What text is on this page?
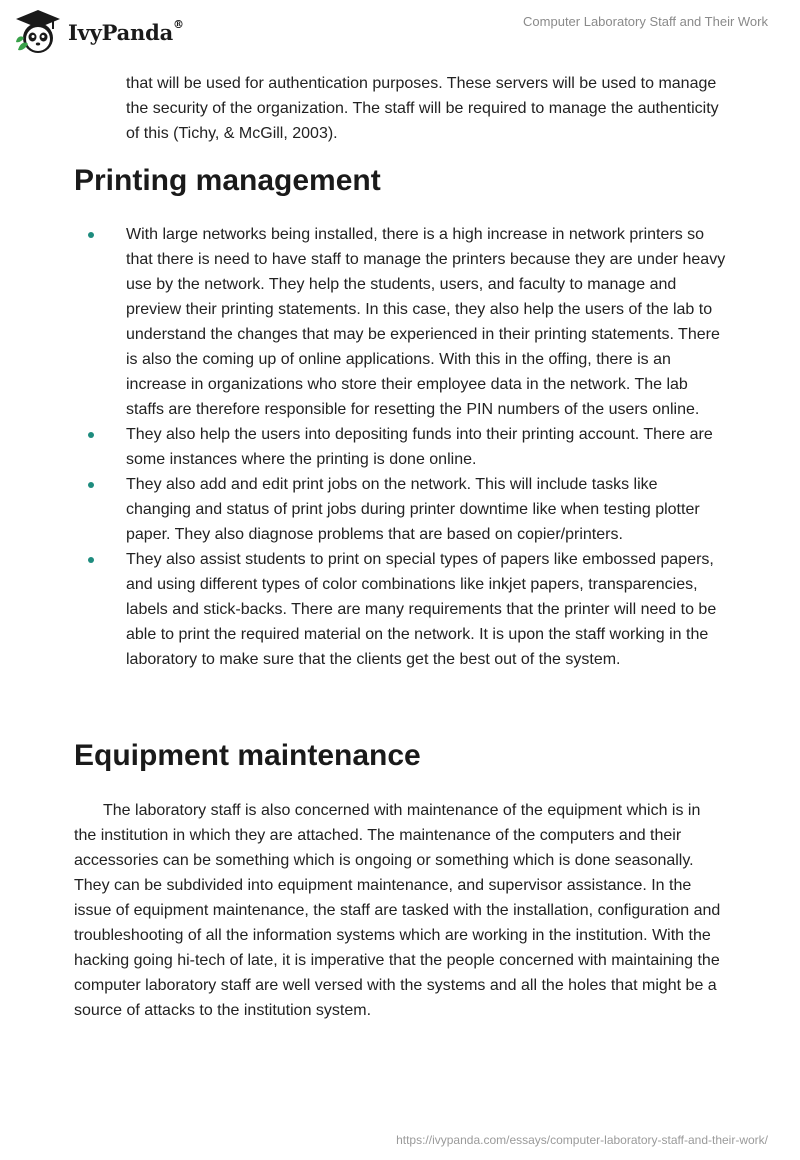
IvyPanda®	Computer Laboratory Staff and Their Work

that will be used for authentication purposes. These servers will be used to manage the security of the organization. The staff will be required to manage the authenticity of this (Tichy, & McGill, 2003).

Printing management
With large networks being installed, there is a high increase in network printers so that there is need to have staff to manage the printers because they are under heavy use by the network. They help the students, users, and faculty to manage and preview their printing statements. In this case, they also help the users of the lab to understand the changes that may be experienced in their printing statements. There is also the coming up of online applications. With this in the offing, there is an increase in organizations who store their employee data in the network. The lab staffs are therefore responsible for resetting the PIN numbers of the users online.
They also help the users into depositing funds into their printing account. There are some instances where the printing is done online.
They also add and edit print jobs on the network. This will include tasks like changing and status of print jobs during printer downtime like when testing plotter paper. They also diagnose problems that are based on copier/printers.
They also assist students to print on special types of papers like embossed papers, and using different types of color combinations like inkjet papers, transparencies, labels and stick-backs. There are many requirements that the printer will need to be able to print the required material on the network. It is upon the staff working in the laboratory to make sure that the clients get the best out of the system.
Equipment maintenance

The laboratory staff is also concerned with maintenance of the equipment which is in the institution in which they are attached. The maintenance of the computers and their accessories can be something which is ongoing or something which is done seasonally. They can be subdivided into equipment maintenance, and supervisor assistance. In the issue of equipment maintenance, the staff are tasked with the installation, configuration and troubleshooting of all the information systems which are working in the institution. With the hacking going hi-tech of late, it is imperative that the people concerned with maintaining the computer laboratory staff are well versed with the systems and all the holes that might be a source of attacks to the institution system.

https://ivypanda.com/essays/computer-laboratory-staff-and-their-work/
